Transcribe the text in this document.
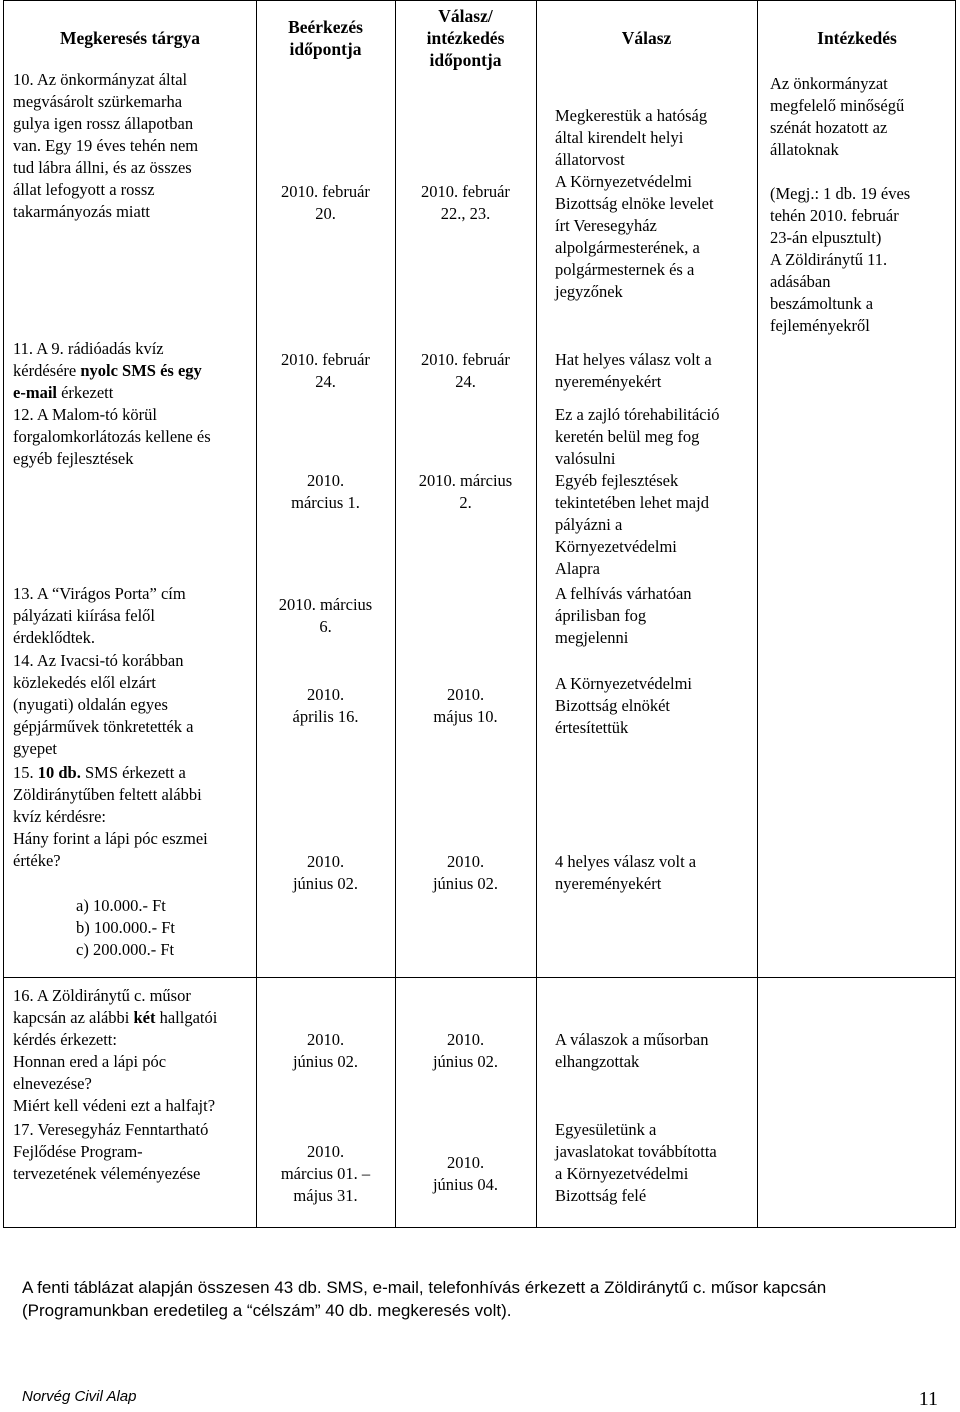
Megkeresés tárgya
Beérkezés
időpontja
Válasz/
intézkedés
időpontja
Válasz	Intézkedés
10. Az önkormányzat által
megvásárolt szürkemarha
gulya igen rossz állapotban
van. Egy 19 éves tehén nem
tud lábra állni, és az összes
állat lefogyott a rossz
takarmányozás miatt
2010. február
20.
2010. február
22., 23.
Megkerestük a hatóság
által kirendelt helyi
állatorvost
A Környezetvédelmi
Bizottság elnöke levelet
írt Veresegyház
alpolgármesterének, a
polgármesternek és a
jegyzőnek
Az önkormányzat
megfelelő minőségű
szénát hozatott az
állatoknak

(Megj.: 1 db. 19 éves
tehén 2010. február
23-án elpusztult)
A Zöldiránytű 11.
adásában
beszámoltunk a
fejleményekről
11. A 9. rádióadás kvíz
kérdésére nyolc SMS és egy
e-mail érkezett
2010. február
24.
2010. február
24.
Hat helyes válasz volt a
nyereményekért
12. A Malom-tó körül
forgalomkorlátozás kellene és
egyéb fejlesztések
2010.
március 1.
2010. március
2.
Ez a zajló tórehabilitáció
keretén belül meg fog
valósulni
Egyéb fejlesztések
tekintetében lehet majd
pályázni a
Környezetvédelmi
Alapra
13. A “Virágos Porta” cím
pályázati kiírása felől
érdeklődtek.
2010. március
6.
A felhívás várhatóan
áprilisban fog
megjelenni
14. Az Ivacsi-tó korábban
közlekedés elől elzárt
(nyugati) oldalán egyes
gépjárművek tönkretették a
gyepet
2010.
április 16.
2010.
május 10.
A Környezetvédelmi
Bizottság elnökét
értesítettük
15. 10 db. SMS érkezett a
Zöldiránytűben feltett alábbi
kvíz kérdésre:
Hány forint a lápi póc eszmei
értéke?
a) 10.000.- Ft
b) 100.000.- Ft
c) 200.000.- Ft
2010.
június 02.
2010.
június 02.
4 helyes válasz volt a
nyereményekért
16. A Zöldiránytű c. műsor
kapcsán az alábbi két hallgatói
kérdés érkezett:
Honnan ered a lápi póc
elnevezése?
Miért kell védeni ezt a halfajt?
2010.
június 02.
2010.
június 02.
A válaszok a műsorban
elhangzottak
17. Veresegyház Fenntartható
Fejlődése Program-
tervezetének véleményezése
2010.
március 01. –
május 31.
2010.
június 04.
Egyesületünk a
javaslatokat továbbította
a Környezetvédelmi
Bizottság felé
A fenti táblázat alapján összesen 43 db. SMS, e-mail, telefonhívás érkezett a Zöldiránytű c. műsor kapcsán
(Programunkban eredetileg a “célszám” 40 db. megkeresés volt).
Norvég Civil Alap	11
